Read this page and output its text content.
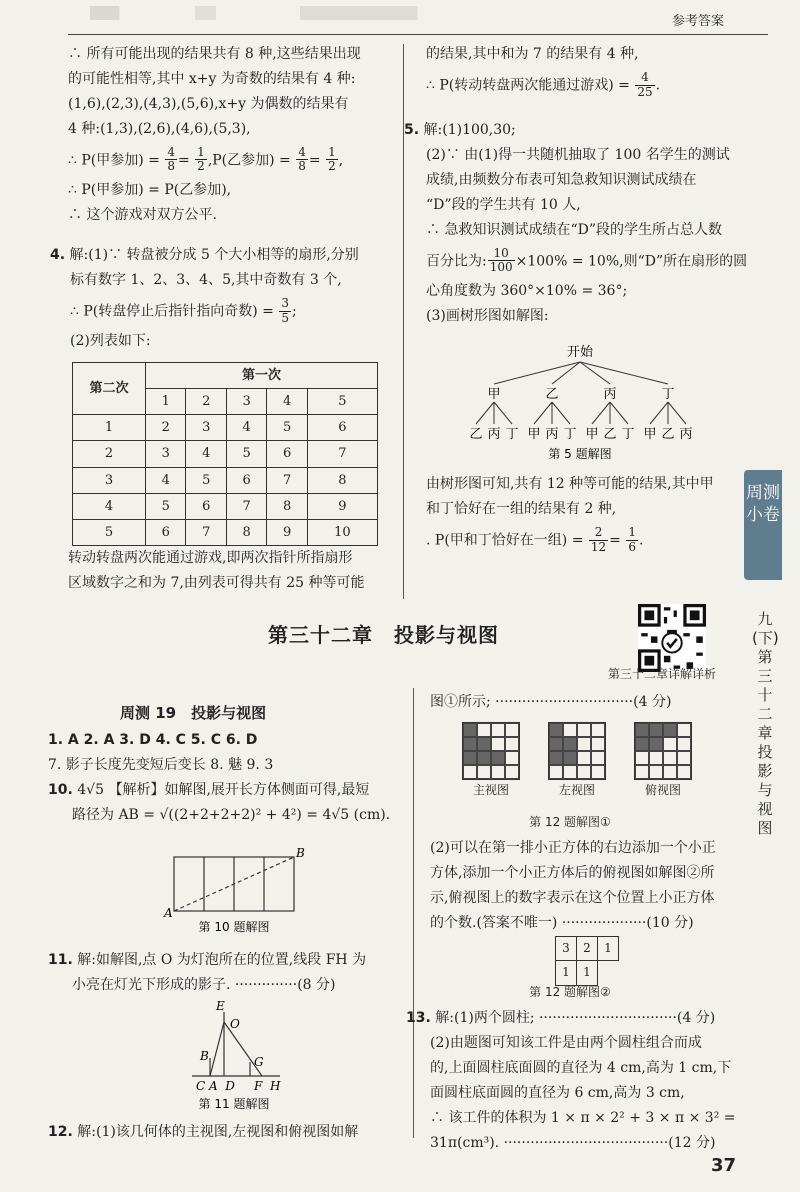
参考答案

∴ 所有可能出现的结果共有 8 种,这些结果出现

的可能性相等,其中 x+y 为奇数的结果有 4 种:

(1,6),(2,3),(4,3),(5,6),x+y 为偶数的结果有

4 种:(1,3),(2,6),(4,6),(5,3),

∴ P(甲参加) = $\frac{4}{8} = \frac{1}{2} ,P$(乙参加) = $\frac{4}{8} = \frac{1}{2}$ ,

∴ P(甲参加) = P(乙参加),

∴ 这个游戏对双方公平.

4. 解:(1)∵ 转盘被分成 5 个大小相等的扇形,分别

标有数字 1、2、3、4、5,其中奇数有 3 个,

∴ P(转盘停止后指针指向奇数) = $\frac{3}{5}$ ;

(2)列表如下:

第二次	第一次				
	1	2	3	4	5
1	2	3	4	5	6
2	3	4	5	6	7
3	4	5	6	7	8
4	5	6	7	8	9
5	6	7	8	9	10

转动转盘两次能通过游戏,即两次指针所指扇形

区域数字之和为 7,由列表可得共有 25 种等可能

的结果,其中和为 7 的结果有 4 种,

∴ P(转动转盘两次能通过游戏) = $\frac{4}{25}$ .

5. 解:(1)100,30;

(2)∵ 由(1)得一共随机抽取了 100 名学生的测试

成绩,由频数分布表可知急救知识测试成绩在

“D”段的学生共有 10 人,

∴ 急救知识测试成绩在“D”段的学生所占总人数

百分比为: $\frac{10}{100} \times 100\% = 10\%$,则“D”所在扇形的圆

心角度数为 360°×10% = 36°;

(3)画树形图如解图:

开始
甲	乙	丙	丁
乙 丙 丁 甲 丙 丁 甲 乙 丁 甲 乙 丙
第 5 题解图

由树形图可知,共有 12 种等可能的结果,其中甲

和丁恰好在一组的结果有 2 种,

. P(甲和丁恰好在一组) = $\frac{2}{12} = \frac{1}{6}$ .

第三十二章　投影与视图
第三十二章详解详析
周测 19　投影与视图

1. A 2. A 3. D 4. C 5. C 6. D

7. 影子长度先变短后变长 8. 魅 9. 3

10. 4√5 【解析】如解图,展开长方体侧面可得,最短

路径为 AB = √((2+2+2+2)² + 4²) = 4√5 (cm).

A
B
第 10 题解图

11. 解:如解图,点 O 为灯泡所在的位置,线段 FH 为

小亮在灯光下形成的影子. ··············(8 分)

E
O
B	G
C A  D     F  H
第 11 题解图

12. 解:(1)该几何体的主视图,左视图和俯视图如解

图①所示; ·······························(4 分)

主视图	左视图	俯视图
第 12 题解图①

(2)可以在第一排小正方体的右边添加一个小正

方体,添加一个小正方体后的俯视图如解图②所

示,俯视图上的数字表示在这个位置上小正方体

的个数.(答案不唯一) ···················(10 分)

3	2	1
1	1	
第 12 题解图②

13. 解:(1)两个圆柱; ·······························(4 分)

(2)由题图可知该工件是由两个圆柱组合而成

的,上面圆柱底面圆的直径为 4 cm,高为 1 cm,下

面圆柱底面圆的直径为 6 cm,高为 3 cm,

∴ 该工件的体积为 1 × π × 2² + 3 × π × 3² =

31π(cm³). ·····································(12 分)

周测小卷
九(下) 第三十二章 投影与视图
37
